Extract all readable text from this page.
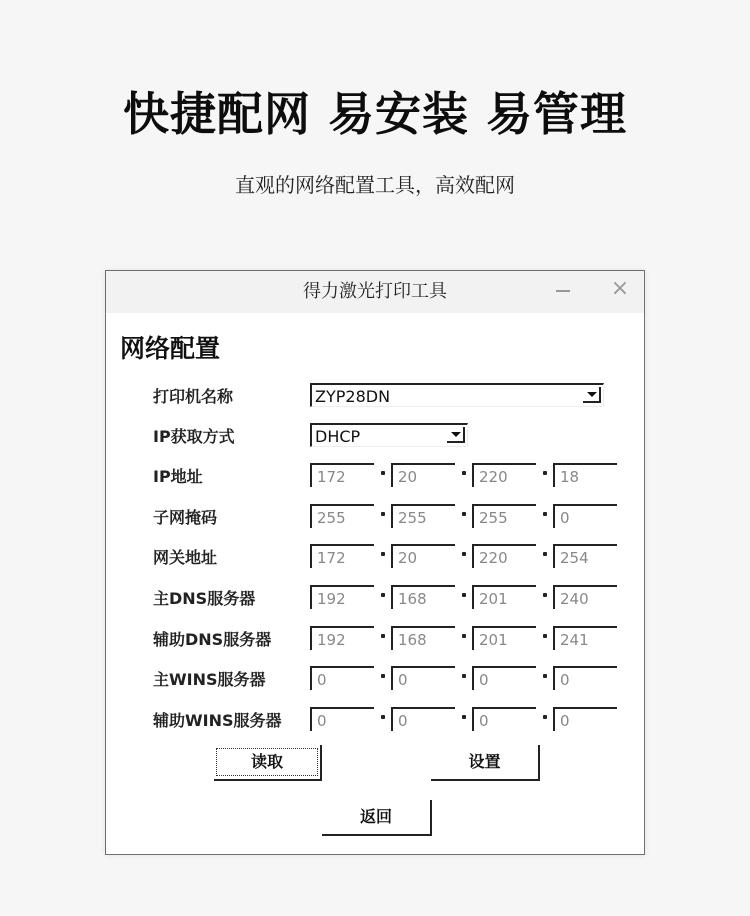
快捷配网 易安装 易管理
直观的网络配置工具，高效配网
得力激光打印工具	×
网络配置
打印机名称	ZYP28DN
IP获取方式	DHCP
IP地址	172	20	220	18
子网掩码	255	255	255	0
网关地址	172	20	220	254
主DNS服务器	192	168	201	240
辅助DNS服务器	192	168	201	241
主WINS服务器	0	0	0	0
辅助WINS服务器 0	0	0	0
读取	设置
返回
